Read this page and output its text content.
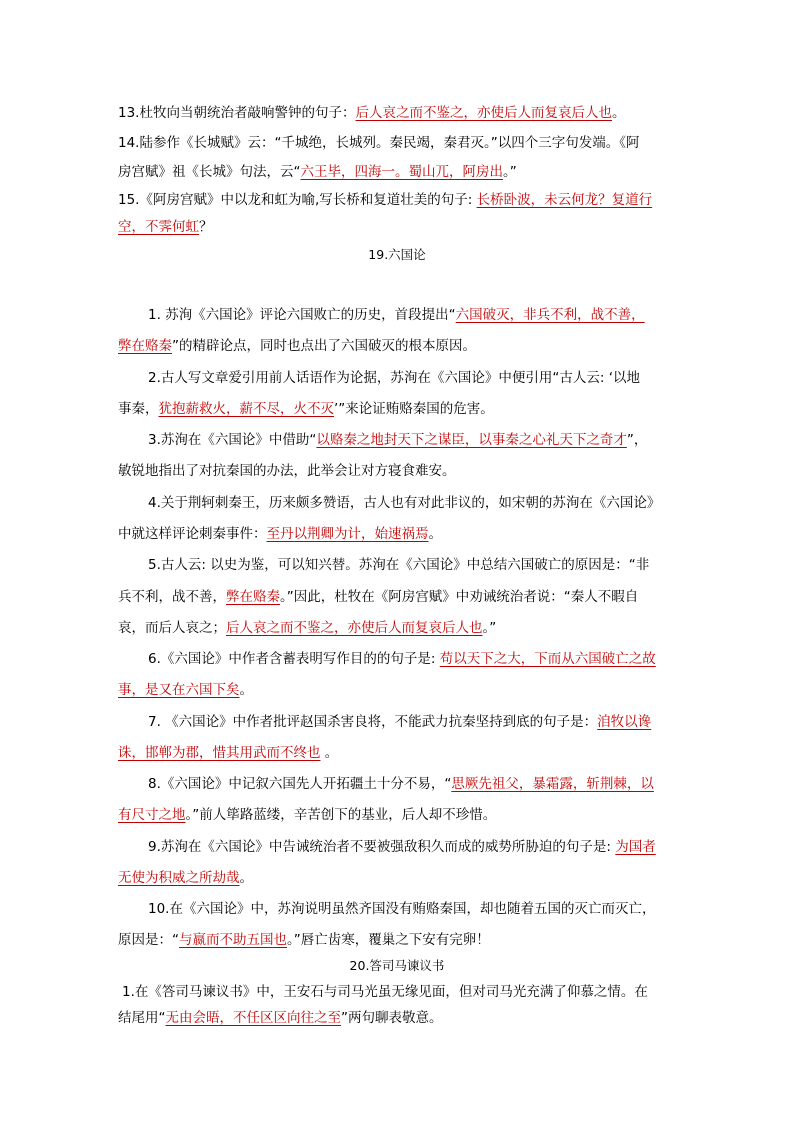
13.杜牧向当朝统治者敲响警钟的句子：后人哀之而不鉴之，亦使后人而复哀后人也。
14.陆参作《长城赋》云：“千城绝，长城列。秦民竭，秦君灭。”以四个三字句发端。《阿
房宫赋》祖《长城》句法，云“六王毕，四海一。蜀山兀，阿房出。”
15.《阿房宫赋》中以龙和虹为喻,写长桥和复道壮美的句子: 长桥卧波，未云何龙？复道行
空，不霁何虹？
19.六国论
1. 苏洵《六国论》评论六国败亡的历史，首段提出“六国破灭，非兵不利，战不善，
弊在赂秦”的精辟论点，同时也点出了六国破灭的根本原因。
2.古人写文章爱引用前人话语作为论据，苏洵在《六国论》中便引用“古人云: ‘以地
事秦，犹抱薪救火，薪不尽，火不灭’”来论证贿赂秦国的危害。
3.苏洵在《六国论》中借助“以赂秦之地封天下之谋臣，以事秦之心礼天下之奇才”，
敏锐地指出了对抗秦国的办法，此举会让对方寝食难安。
4.关于荆轲刺秦王，历来颇多赞语，古人也有对此非议的，如宋朝的苏洵在《六国论》
中就这样评论刺秦事件：至丹以荆卿为计，始速祸焉。
5.古人云: 以史为鉴，可以知兴替。苏洵在《六国论》中总结六国破亡的原因是：“非
兵不利，战不善，弊在赂秦。”因此，杜牧在《阿房宫赋》中劝诫统治者说：“秦人不暇自
哀，而后人哀之；后人哀之而不鉴之，亦使后人而复哀后人也。”
6.《六国论》中作者含蓄表明写作目的的句子是: 苟以天下之大，下而从六国破亡之故
事，是又在六国下矣。
7. 《六国论》中作者批评赵国杀害良将，不能武力抗秦坚持到底的句子是：洎牧以谗
诛，邯郸为郡，惜其用武而不终也 。
8.《六国论》中记叙六国先人开拓疆土十分不易，“思厥先祖父，暴霜露，斩荆棘，以
有尺寸之地。”前人筚路蓝缕，辛苦创下的基业，后人却不珍惜。
9.苏洵在《六国论》中告诫统治者不要被强敌积久而成的威势所胁迫的句子是: 为国者
无使为积威之所劫哉。
10.在《六国论》中，苏洵说明虽然齐国没有贿赂秦国，却也随着五国的灭亡而灭亡，
原因是：“与嬴而不助五国也。”唇亡齿寒，覆巢之下安有完卵！
20.答司马谏议书
1.在《答司马谏议书》中，王安石与司马光虽无缘见面，但对司马光充满了仰慕之情。在
结尾用“无由会晤，不任区区向往之至”两句聊表敬意。
